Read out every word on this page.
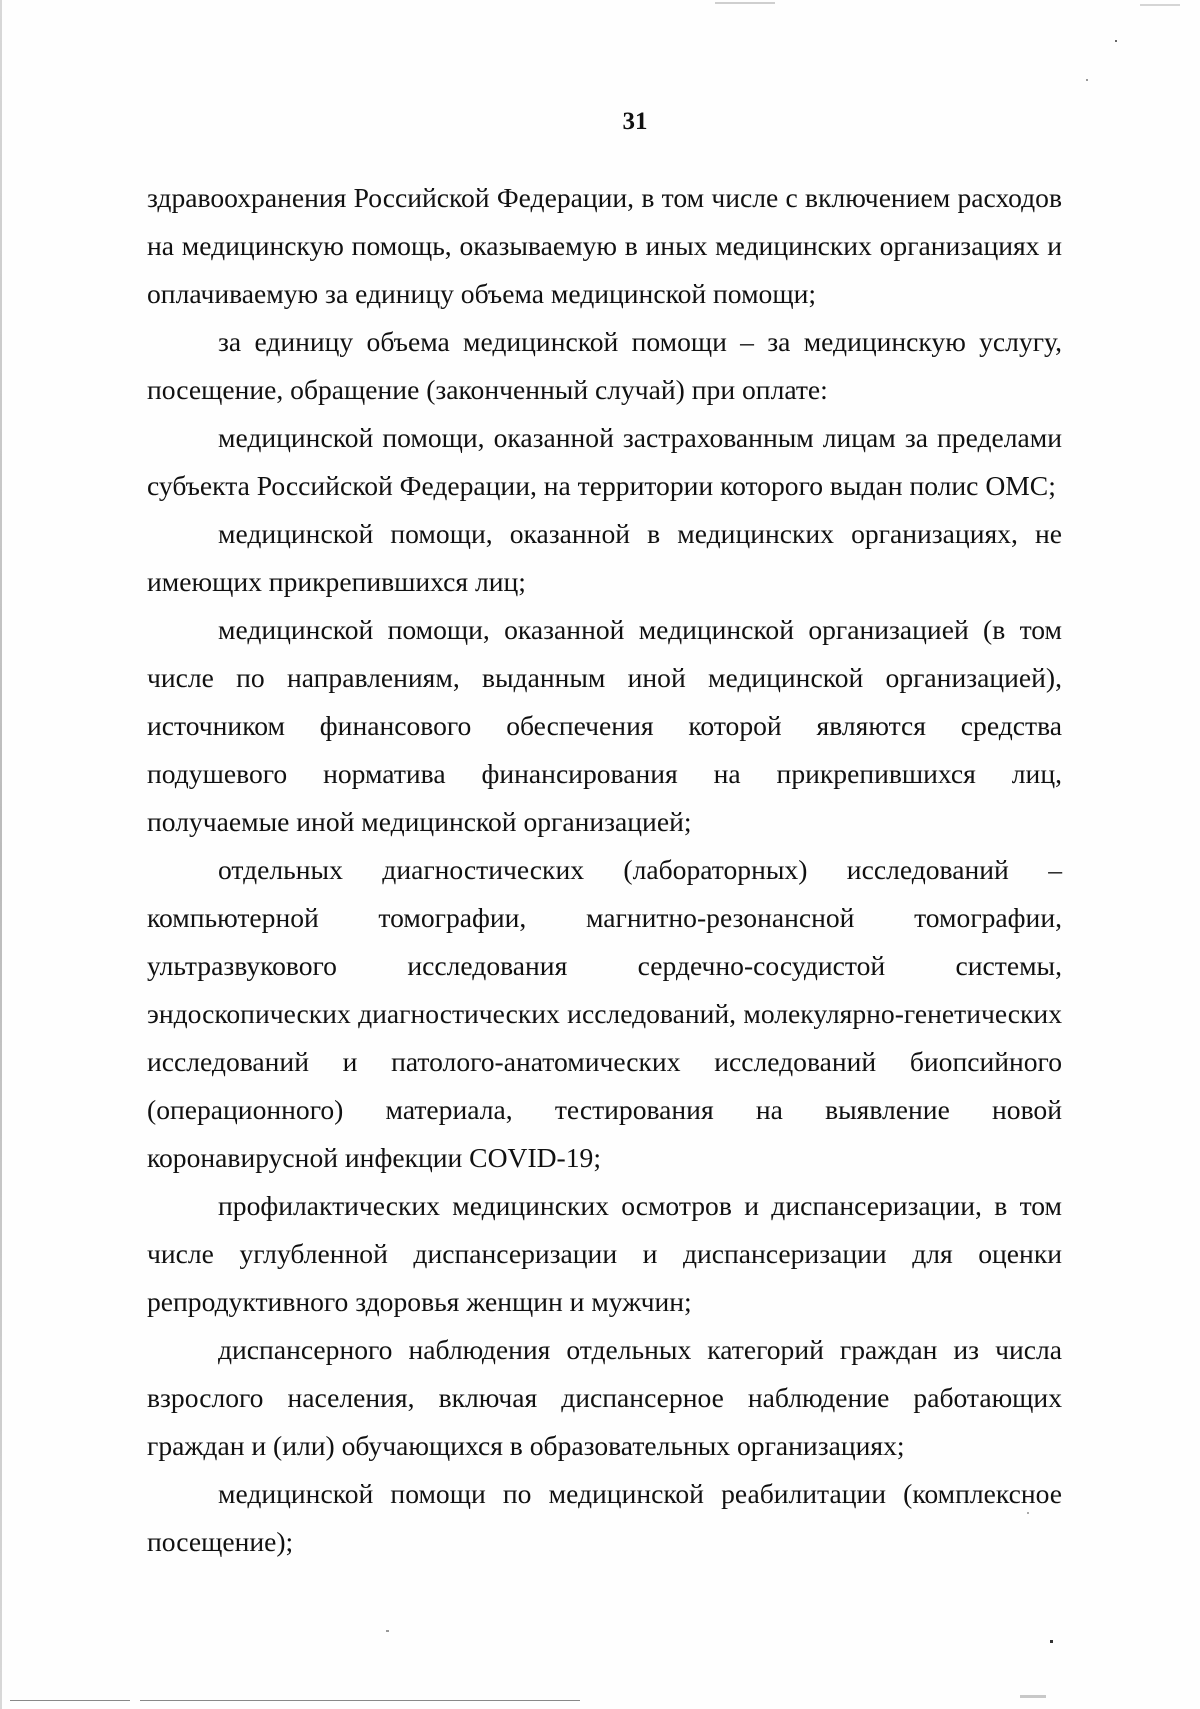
31

здравоохранения Российской Федерации, в том числе с включением расходов на медицинскую помощь, оказываемую в иных медицинских организациях и оплачиваемую за единицу объема медицинской помощи;

за единицу объема медицинской помощи – за медицинскую услугу, посещение, обращение (законченный случай) при оплате:

медицинской помощи, оказанной застрахованным лицам за пределами субъекта Российской Федерации, на территории которого выдан полис ОМС;

медицинской помощи, оказанной в медицинских организациях, не имеющих прикрепившихся лиц;

медицинской помощи, оказанной медицинской организацией (в том числе по направлениям, выданным иной медицинской организацией), источником финансового обеспечения которой являются средства подушевого норматива финансирования на прикрепившихся лиц, получаемые иной медицинской организацией;

отдельных диагностических (лабораторных) исследований – компьютерной томографии, магнитно-резонансной томографии, ультразвукового исследования сердечно-сосудистой системы, эндоскопических диагностических исследований, молекулярно-генетических исследований и патолого-анатомических исследований биопсийного (операционного) материала, тестирования на выявление новой коронавирусной инфекции COVID-19;

профилактических медицинских осмотров и диспансеризации, в том числе углубленной диспансеризации и диспансеризации для оценки репродуктивного здоровья женщин и мужчин;

диспансерного наблюдения отдельных категорий граждан из числа взрослого населения, включая диспансерное наблюдение работающих граждан и (или) обучающихся в образовательных организациях;

медицинской помощи по медицинской реабилитации (комплексное посещение);
